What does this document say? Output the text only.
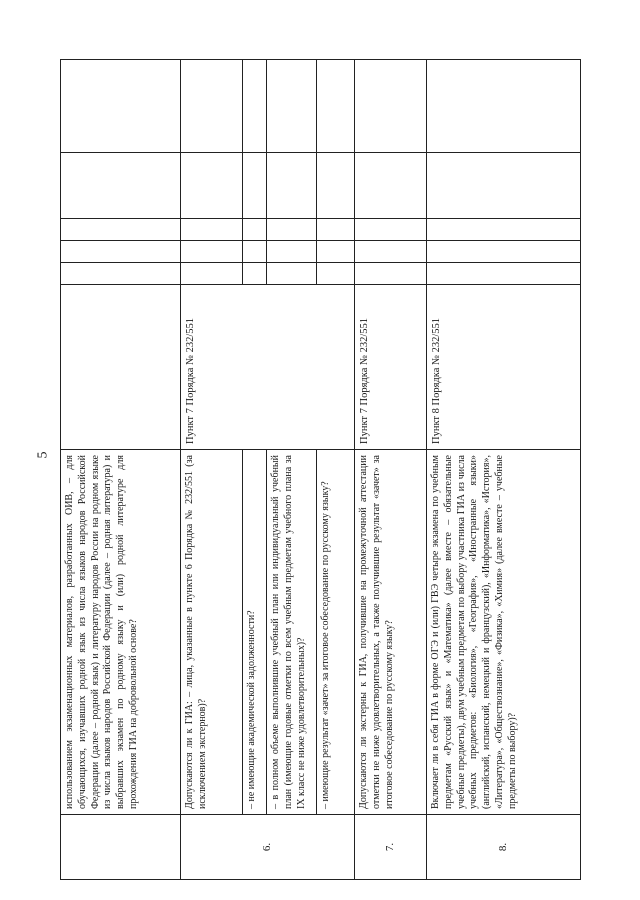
5
	использованием экзаменационных материалов, разработанных ОИВ, – для обучающихся, изучавших родной язык из числа языков народов Российской Федерации (далее – родной язык) и литературу народов России на родном языке из числа языков народов Российской Федерации (далее – родная литература) и выбравших экзамен по родному языку и (или) родной литературе для прохождения ГИА на добровольной основе?						
6.	Допускаются ли к ГИА: – лица, указанные в пункте 6 Порядка № 232/551 (за исключением экстернов)?	Пункт 7 Порядка № 232/551					
	– не имеющие академической задолженности?						
	– в полном объеме выполнившие учебный план или индивидуальный учебный план (имеющие годовые отметки по всем учебным предметам учебного плана за IX класс не ниже удовлетворительных)?						
	– имеющие результат «зачет» за итоговое собеседование по русскому языку?						
7.	Допускаются ли экстерны к ГИА, получившие на промежуточной аттестации отметки не ниже удовлетворительных, а также получившие результат «зачет» за итоговое собеседование по русскому языку?	Пункт 7 Порядка № 232/551					
8.	Включает ли в себя ГИА в форме ОГЭ и (или) ГВЭ четыре экзамена по учебным предметам «Русский язык» и «Математика» (далее вместе – обязательные учебные предметы), двум учебным предметам по выбору участника ГИА из числа учебных предметов: «Биология», «География», «Иностранные языки» (английский, испанский, немецкий и французский), «Информатика», «История», «Литература», «Обществознание», «Физика», «Химия» (далее вместе – учебные предметы по выбору)?	Пункт 8 Порядка № 232/551					
